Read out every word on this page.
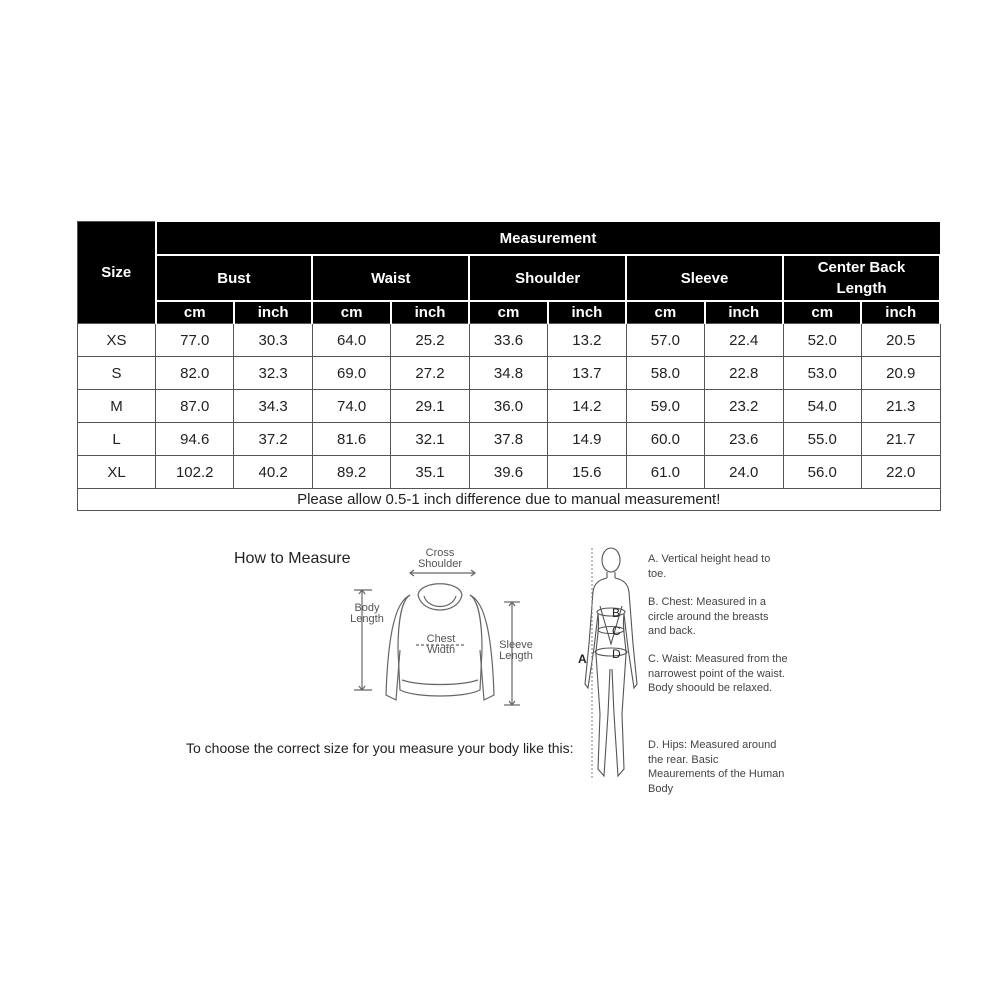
Size	Measurement									
	Bust		Waist		Shoulder		Sleeve		Center Back Length	
	cm	inch	cm	inch	cm	inch	cm	inch	cm	inch
XS	77.0	30.3	64.0	25.2	33.6	13.2	57.0	22.4	52.0	20.5
S	82.0	32.3	69.0	27.2	34.8	13.7	58.0	22.8	53.0	20.9
M	87.0	34.3	74.0	29.1	36.0	14.2	59.0	23.2	54.0	21.3
L	94.6	37.2	81.6	32.1	37.8	14.9	60.0	23.6	55.0	21.7
XL	102.2	40.2	89.2	35.1	39.6	15.6	61.0	24.0	56.0	22.0
Please allow 0.5-1 inch difference due to manual measurement!										
How to Measure	Cross Shoulder
Body Length
Chest Width	Sleeve Length
To choose the correct size for you measure your body like this:
A
B
C
D
A. Vertical height head to toe.
B. Chest: Measured in a circle around the breasts and back.
C. Waist: Measured from the narrowest point of the waist. Body shoould be relaxed.
D. Hips: Measured around the rear. Basic Meaurements of the Human Body
